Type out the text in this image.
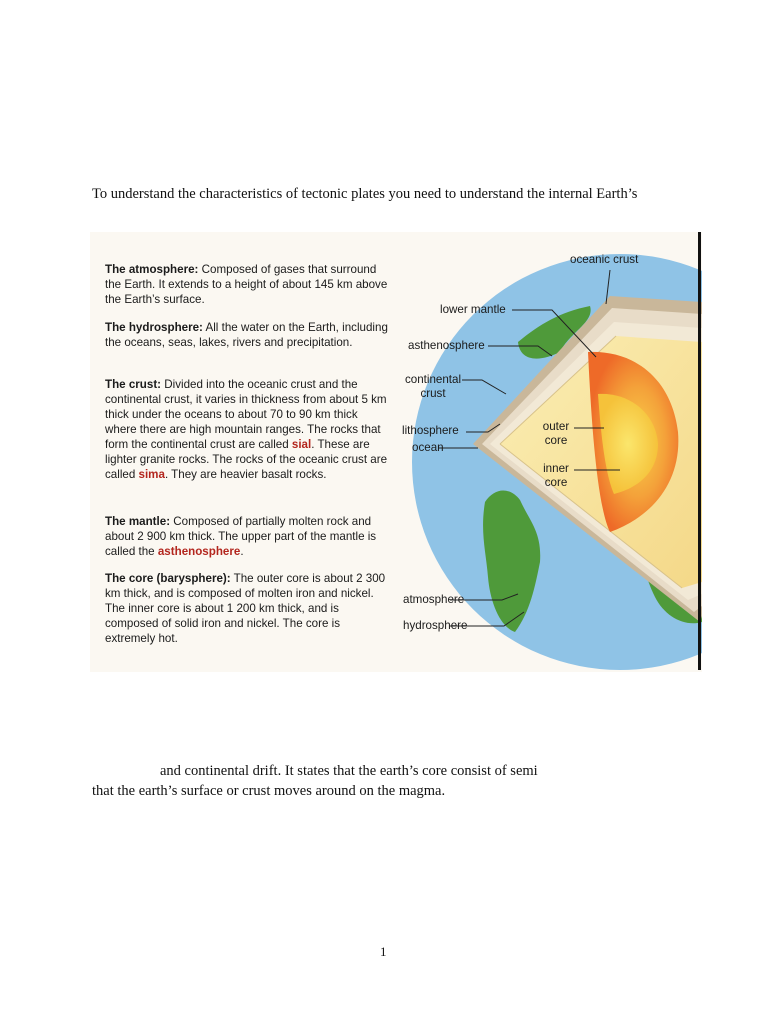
To understand the characteristics of tectonic plates you need to understand the internal Earth’s
The atmosphere: Composed of gases that surround the Earth. It extends to a height of about 145 km above the Earth’s surface.
The hydrosphere: All the water on the Earth, including the oceans, seas, lakes, rivers and precipitation.
The crust: Divided into the oceanic crust and the continental crust, it varies in thickness from about 5 km thick under the oceans to about 70 to 90 km thick where there are high mountain ranges. The rocks that form the continental crust are called sial. These are lighter granite rocks. The rocks of the oceanic crust are called sima. They are heavier basalt rocks.
The mantle: Composed of partially molten rock and about 2 900 km thick. The upper part of the mantle is called the asthenosphere.
The core (barysphere): The outer core is about 2 300 km thick, and is composed of molten iron and nickel. The inner core is about 1 200 km thick, and is composed of solid iron and nickel. The core is extremely hot.
oceanic crust
lower mantle
asthenosphere
continental
crust
lithosphere
ocean
outer
core
inner
core
atmosphere
hydrosphere
and continental drift. It states that the earth’s core consist of semi
that the earth’s surface or crust moves around on the magma.
1
